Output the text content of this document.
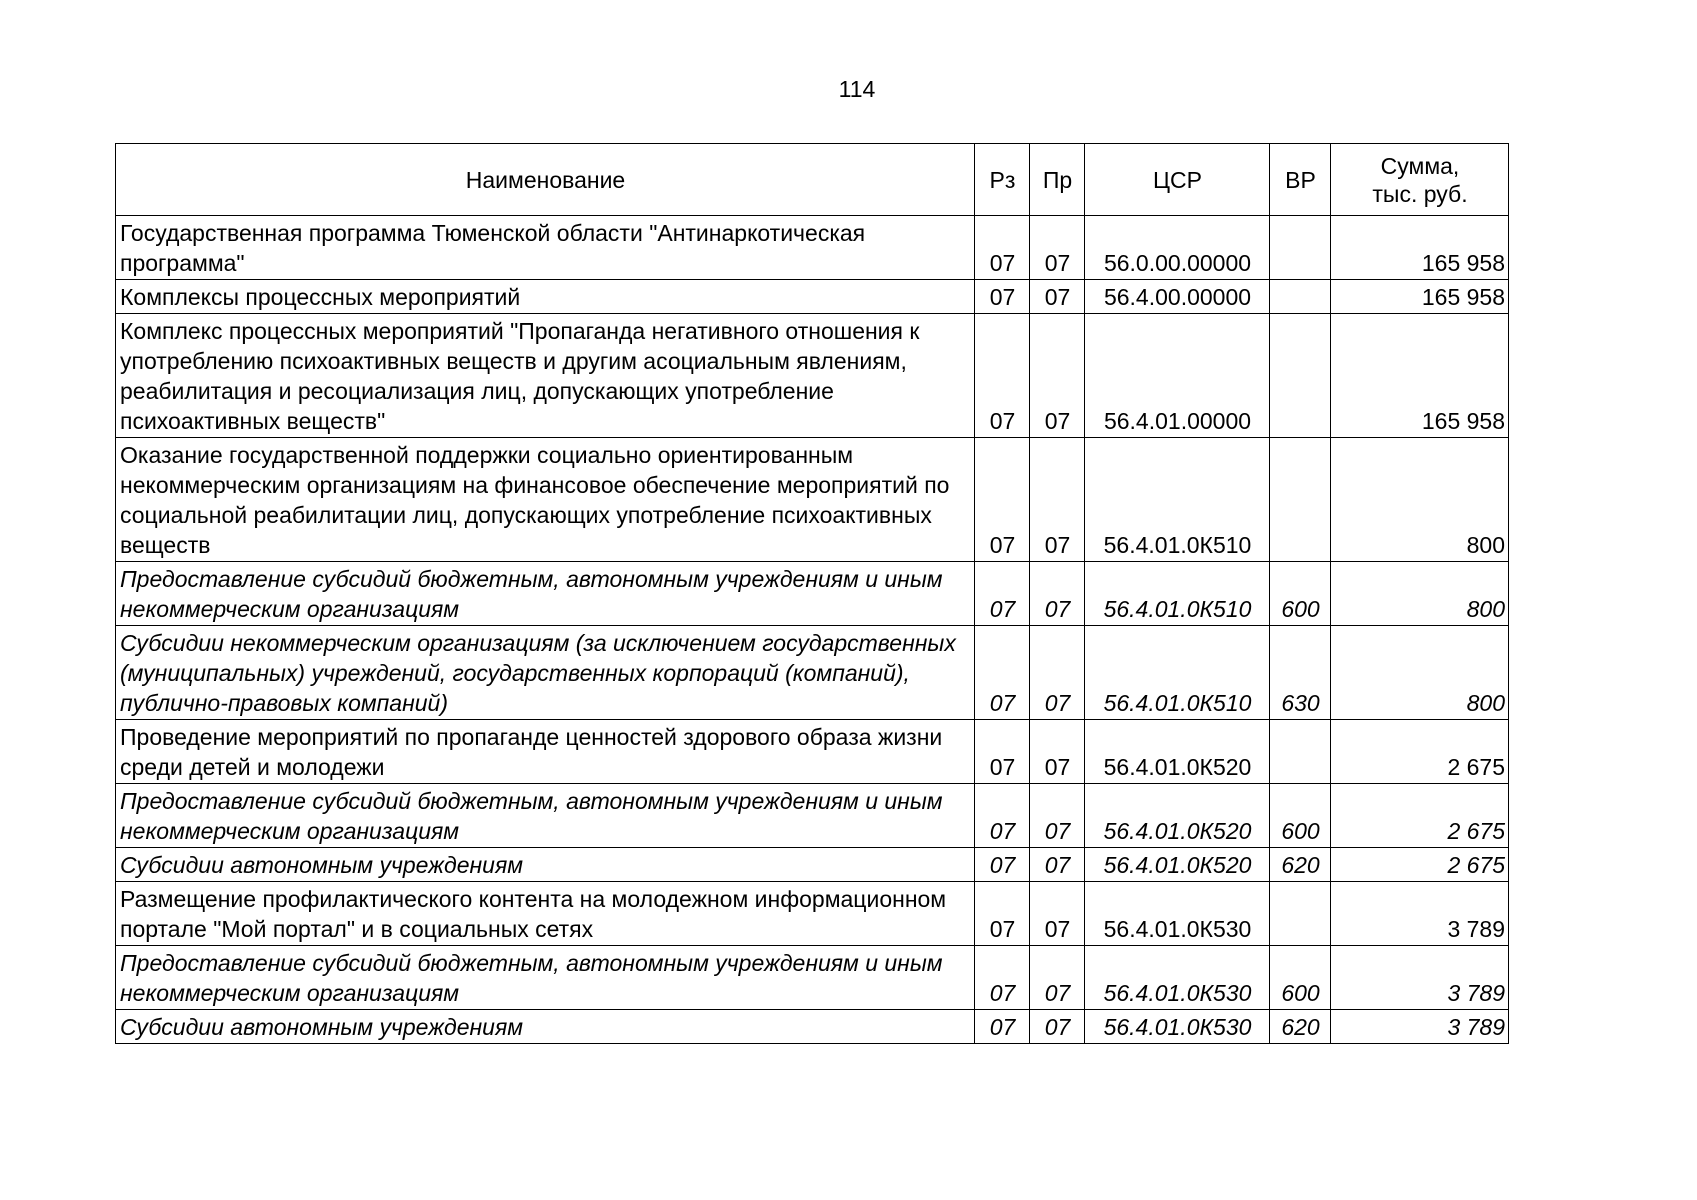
114
Наименование	Рз	Пр	ЦСР	ВР	Сумма,
тыс. руб.
Государственная программа Тюменской области "Антинаркотическая программа"	07	07	56.0.00.00000		165 958
Комплексы процессных мероприятий	07	07	56.4.00.00000		165 958
Комплекс процессных мероприятий "Пропаганда негативного отношения к употреблению психоактивных веществ и другим асоциальным явлениям, реабилитация и ресоциализация лиц, допускающих употребление психоактивных веществ"	07	07	56.4.01.00000		165 958
Оказание государственной поддержки социально ориентированным некоммерческим организациям на финансовое обеспечение мероприятий по социальной реабилитации лиц, допускающих употребление психоактивных веществ	07	07	56.4.01.0К510		800
Предоставление субсидий бюджетным, автономным учреждениям и иным некоммерческим организациям	07	07	56.4.01.0К510	600	800
Субсидии некоммерческим организациям (за исключением государственных (муниципальных) учреждений, государственных корпораций (компаний), публично-правовых компаний)	07	07	56.4.01.0К510	630	800
Проведение мероприятий по пропаганде ценностей здорового образа жизни среди детей и молодежи	07	07	56.4.01.0К520		2 675
Предоставление субсидий бюджетным, автономным учреждениям и иным некоммерческим организациям	07	07	56.4.01.0К520	600	2 675
Субсидии автономным учреждениям	07	07	56.4.01.0К520	620	2 675
Размещение профилактического контента на молодежном информационном портале "Мой портал" и в социальных сетях	07	07	56.4.01.0К530		3 789
Предоставление субсидий бюджетным, автономным учреждениям и иным некоммерческим организациям	07	07	56.4.01.0К530	600	3 789
Субсидии автономным учреждениям	07	07	56.4.01.0К530	620	3 789
